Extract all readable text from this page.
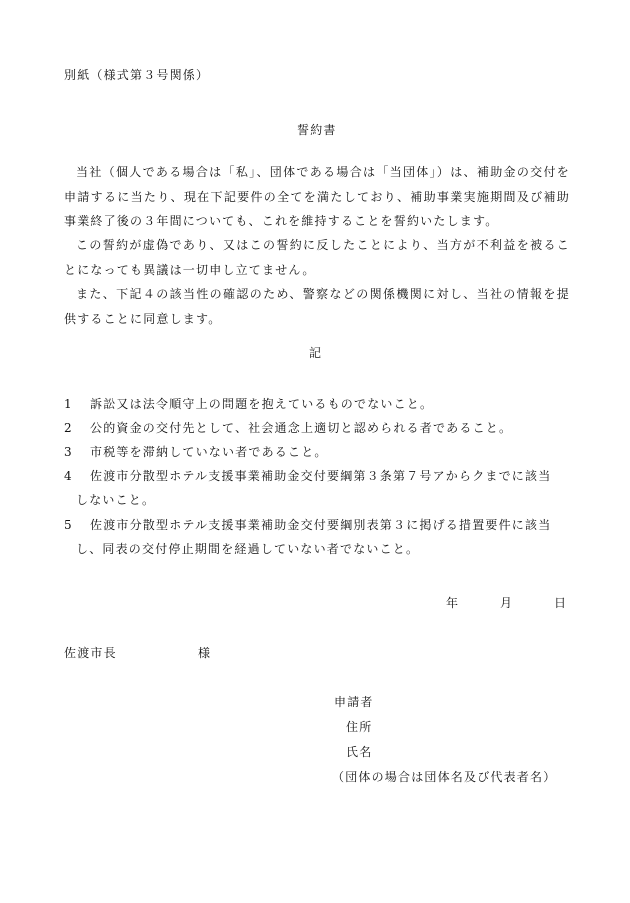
別紙（様式第３号関係）
誓約書
当社（個人である場合は「私」、団体である場合は「当団体」）は、補助金の交付を申請するに当たり、現在下記要件の全てを満たしており、補助事業実施期間及び補助事業終了後の３年間についても、これを維持することを誓約いたします。
この誓約が虚偽であり、又はこの誓約に反したことにより、当方が不利益を被ることになっても異議は一切申し立てません。
また、下記４の該当性の確認のため、警察などの関係機関に対し、当社の情報を提供することに同意します。
記
1 訴訟又は法令順守上の問題を抱えているものでないこと。
2 公的資金の交付先として、社会通念上適切と認められる者であること。
3 市税等を滞納していない者であること。
4 佐渡市分散型ホテル支援事業補助金交付要綱第３条第７号アからクまでに該当
しないこと。
5 佐渡市分散型ホテル支援事業補助金交付要綱別表第３に掲げる措置要件に該当
し、同表の交付停止期間を経過していない者でないこと。
年	月	日
佐渡市長	様
申請者
住所
氏名
（団体の場合は団体名及び代表者名）
